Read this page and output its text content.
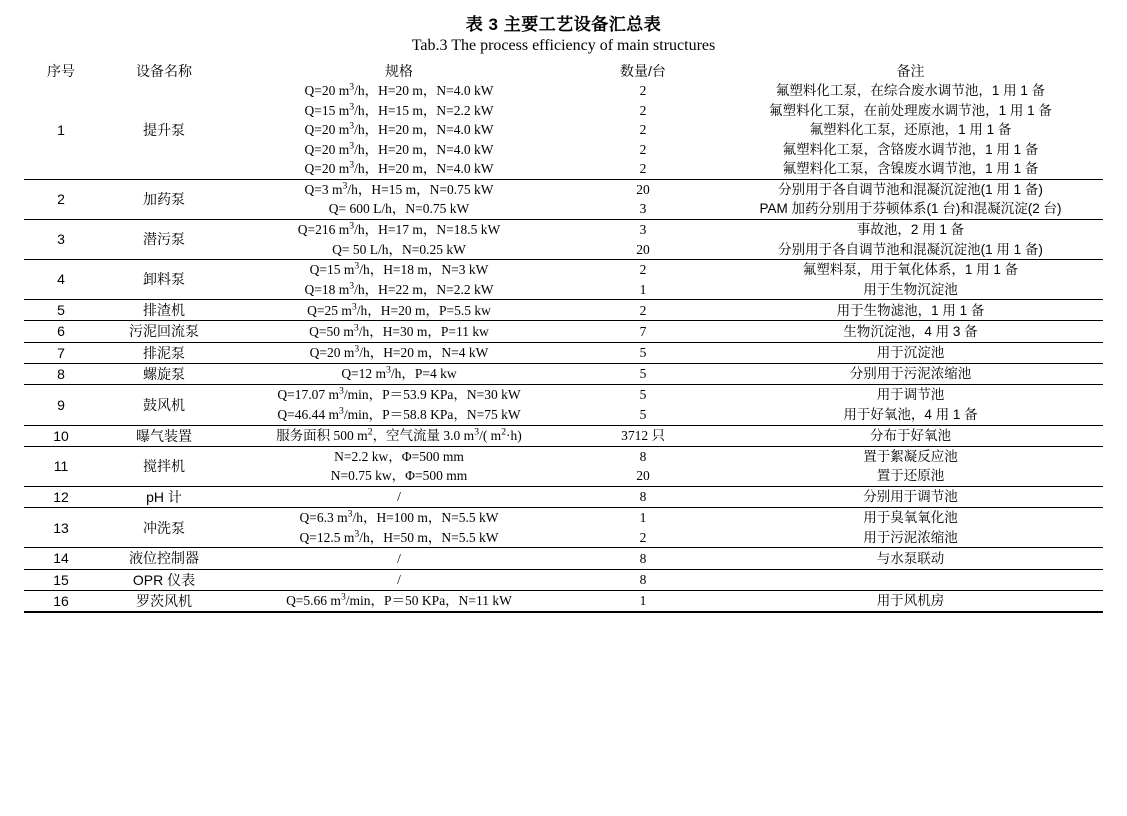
表 3 主要工艺设备汇总表
Tab.3 The process efficiency of main structures
序号	设备名称	规格	数量/台	备注
1	提升泵	Q=20 $m^3/h$，H=20 m，N=4.0 kW	2	氟塑料化工泵，在综合废水调节池，1 用 1 备
		Q=15 $m^3/h$，H=15 m，N=2.2 kW	2	氟塑料化工泵，在前处理废水调节池，1 用 1 备
		Q=20 $m^3/h$，H=20 m，N=4.0 kW	2	氟塑料化工泵，还原池，1 用 1 备
		Q=20 $m^3/h$，H=20 m，N=4.0 kW	2	氟塑料化工泵，含铬废水调节池，1 用 1 备
		Q=20 $m^3/h$，H=20 m，N=4.0 kW	2	氟塑料化工泵，含镍废水调节池，1 用 1 备
2	加药泵	Q=3 $m^3/h$，H=15 m，N=0.75 kW	20	分别用于各自调节池和混凝沉淀池(1 用 1 备)
		Q= 600 L/h，N=0.75 kW	3	PAM 加药分别用于芬顿体系(1 台)和混凝沉淀(2 台)
3	潜污泵	Q=216 $m^3/h$，H=17 m，N=18.5 kW	3	事故池，2 用 1 备
		Q= 50 L/h，N=0.25 kW	20	分别用于各自调节池和混凝沉淀池(1 用 1 备)
4	卸料泵	Q=15 $m^3/h$，H=18 m，N=3 kW	2	氟塑料泵，用于氧化体系，1 用 1 备
		Q=18 $m^3/h$，H=22 m，N=2.2 kW	1	用于生物沉淀池
5	排渣机	Q=25 $m^3/h$，H=20 m，P=5.5 kw	2	用于生物滤池，1 用 1 备
6	污泥回流泵	Q=50 $m^3/h$，H=30 m，P=11 kw	7	生物沉淀池，4 用 3 备
7	排泥泵	Q=20 $m^3/h$，H=20 m，N=4 kW	5	用于沉淀池
8	螺旋泵	Q=12 $m^3/h$，P=4 kw	5	分别用于污泥浓缩池
9	鼓风机	Q=17.07 $m^3/\min$，P＝53.9 KPa，N=30 kW	5	用于调节池
		Q=46.44 $m^3/\min$，P＝58.8 KPa，N=75 kW	5	用于好氧池，4 用 1 备
10	曝气装置	服务面积 500 $m^2$，空气流量 3.0 $m^3/$( $m^2\cdot h$)	3712 只	分布于好氧池
11	搅拌机	N=2.2 kw，Φ=500 mm	8	置于絮凝反应池
		N=0.75 kw，Φ=500 mm	20	置于还原池
12	pH 计	/	8	分别用于调节池
13	冲洗泵	Q=6.3 $m^3/h$，H=100 m，N=5.5 kW	1	用于臭氧氧化池
		Q=12.5 $m^3/h$，H=50 m，N=5.5 kW	2	用于污泥浓缩池
14	液位控制器	/	8	与水泵联动
15	OPR 仪表	/	8	
16	罗茨风机	Q=5.66 $m^3/\min$，P＝50 KPa，N=11 kW	1	用于风机房
